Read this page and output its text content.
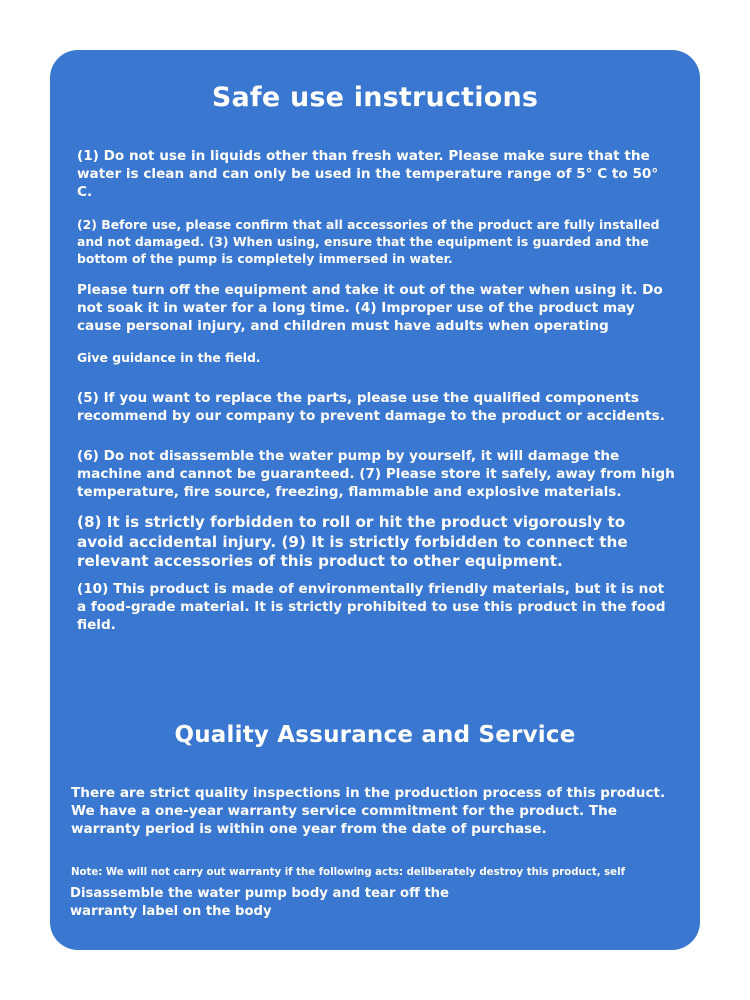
Safe use instructions
(1) Do not use in liquids other than fresh water. Please make sure that the water is clean and can only be used in the temperature range of 5° C to 50° C.
(2) Before use, please confirm that all accessories of the product are fully installed and not damaged. (3) When using, ensure that the equipment is guarded and the bottom of the pump is completely immersed in water.
Please turn off the equipment and take it out of the water when using it. Do not soak it in water for a long time. (4) Improper use of the product may cause personal injury, and children must have adults when operating
Give guidance in the field.
(5) If you want to replace the parts, please use the qualified components recommend by our company to prevent damage to the product or accidents.
(6) Do not disassemble the water pump by yourself, it will damage the machine and cannot be guaranteed. (7) Please store it safely, away from high temperature, fire source, freezing, flammable and explosive materials.
(8) It is strictly forbidden to roll or hit the product vigorously to avoid accidental injury. (9) It is strictly forbidden to connect the relevant accessories of this product to other equipment.
(10) This product is made of environmentally friendly materials, but it is not a food-grade material. It is strictly prohibited to use this product in the food field.
Quality Assurance and Service
There are strict quality inspections in the production process of this product. We have a one-year warranty service commitment for the product. The warranty period is within one year from the date of purchase.
Note: We will not carry out warranty if the following acts: deliberately destroy this product, self
Disassemble the water pump body and tear off the warranty label on the body
